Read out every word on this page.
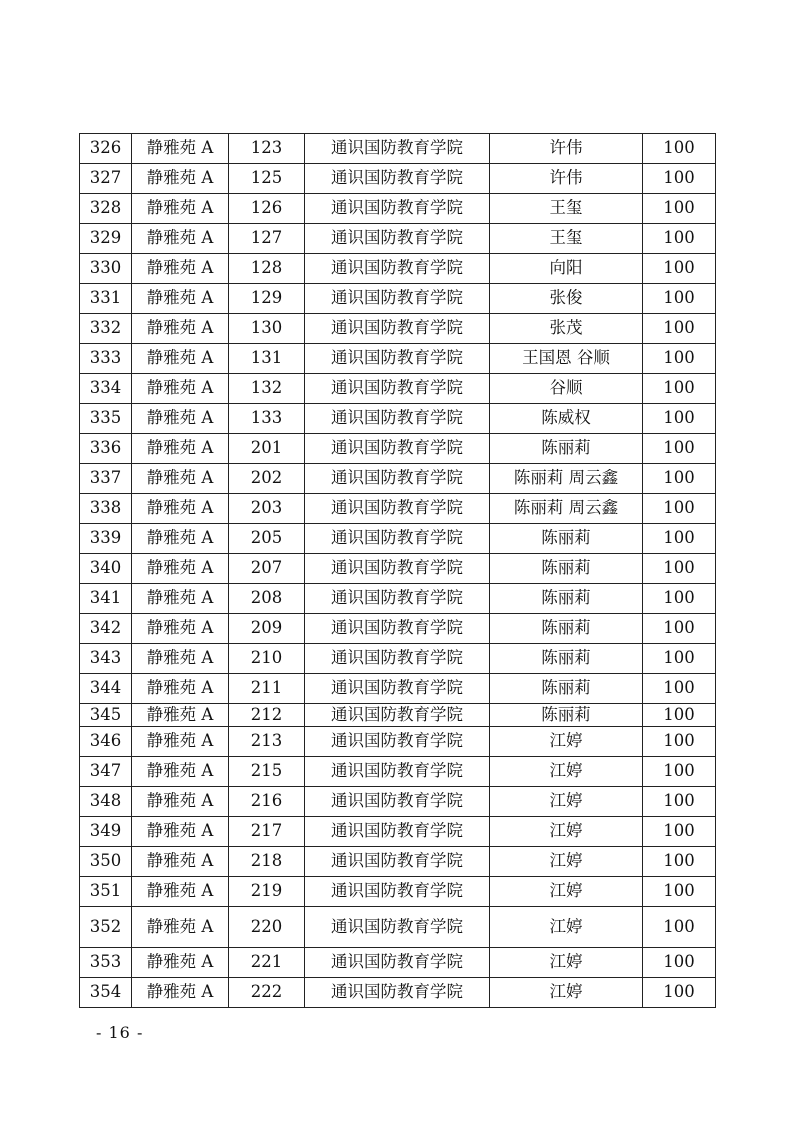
326	静雅苑 A	123	通识国防教育学院	许伟	100
327	静雅苑 A	125	通识国防教育学院	许伟	100
328	静雅苑 A	126	通识国防教育学院	王玺	100
329	静雅苑 A	127	通识国防教育学院	王玺	100
330	静雅苑 A	128	通识国防教育学院	向阳	100
331	静雅苑 A	129	通识国防教育学院	张俊	100
332	静雅苑 A	130	通识国防教育学院	张茂	100
333	静雅苑 A	131	通识国防教育学院	王国恩 谷顺	100
334	静雅苑 A	132	通识国防教育学院	谷顺	100
335	静雅苑 A	133	通识国防教育学院	陈威权	100
336	静雅苑 A	201	通识国防教育学院	陈丽莉	100
337	静雅苑 A	202	通识国防教育学院	陈丽莉 周云鑫	100
338	静雅苑 A	203	通识国防教育学院	陈丽莉 周云鑫	100
339	静雅苑 A	205	通识国防教育学院	陈丽莉	100
340	静雅苑 A	207	通识国防教育学院	陈丽莉	100
341	静雅苑 A	208	通识国防教育学院	陈丽莉	100
342	静雅苑 A	209	通识国防教育学院	陈丽莉	100
343	静雅苑 A	210	通识国防教育学院	陈丽莉	100
344	静雅苑 A	211	通识国防教育学院	陈丽莉	100
345	静雅苑 A	212	通识国防教育学院	陈丽莉	100
346	静雅苑 A	213	通识国防教育学院	江婷	100
347	静雅苑 A	215	通识国防教育学院	江婷	100
348	静雅苑 A	216	通识国防教育学院	江婷	100
349	静雅苑 A	217	通识国防教育学院	江婷	100
350	静雅苑 A	218	通识国防教育学院	江婷	100
351	静雅苑 A	219	通识国防教育学院	江婷	100
352	静雅苑 A	220	通识国防教育学院	江婷	100
353	静雅苑 A	221	通识国防教育学院	江婷	100
354	静雅苑 A	222	通识国防教育学院	江婷	100
- 16 -
